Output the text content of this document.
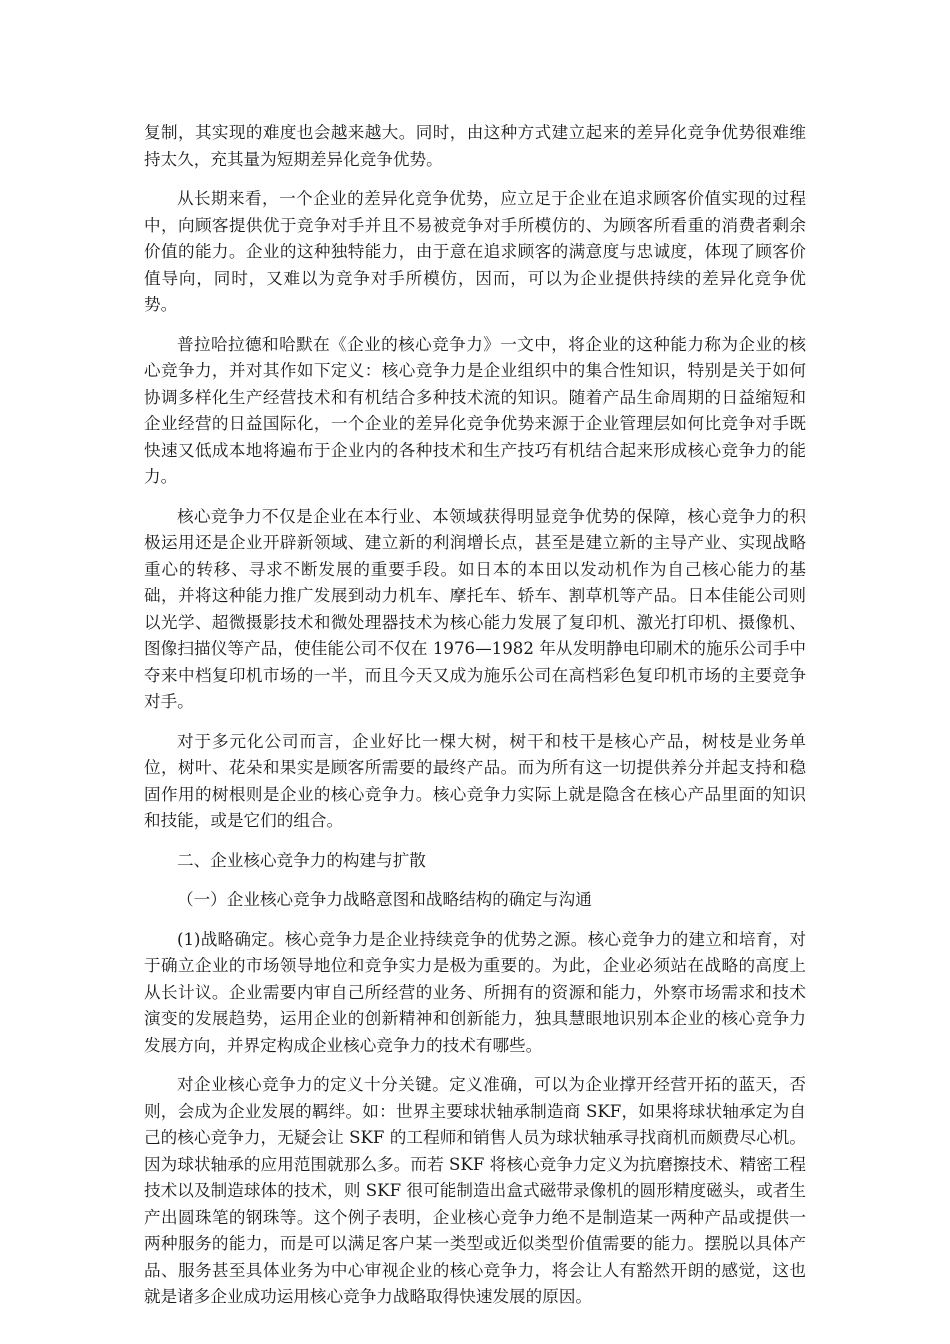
复制，其实现的难度也会越来越大。同时，由这种方式建立起来的差异化竞争优势很难维持太久，充其量为短期差异化竞争优势。

从长期来看，一个企业的差异化竞争优势，应立足于企业在追求顾客价值实现的过程中，向顾客提供优于竞争对手并且不易被竞争对手所模仿的、为顾客所看重的消费者剩余价值的能力。企业的这种独特能力，由于意在追求顾客的满意度与忠诚度，体现了顾客价值导向，同时，又难以为竞争对手所模仿，因而，可以为企业提供持续的差异化竞争优势。

普拉哈拉德和哈默在《企业的核心竞争力》一文中，将企业的这种能力称为企业的核心竞争力，并对其作如下定义：核心竞争力是企业组织中的集合性知识，特别是关于如何协调多样化生产经营技术和有机结合多种技术流的知识。随着产品生命周期的日益缩短和企业经营的日益国际化，一个企业的差异化竞争优势来源于企业管理层如何比竞争对手既快速又低成本地将遍布于企业内的各种技术和生产技巧有机结合起来形成核心竞争力的能力。

核心竞争力不仅是企业在本行业、本领域获得明显竞争优势的保障，核心竞争力的积极运用还是企业开辟新领域、建立新的利润增长点，甚至是建立新的主导产业、实现战略重心的转移、寻求不断发展的重要手段。如日本的本田以发动机作为自己核心能力的基础，并将这种能力推广发展到动力机车、摩托车、轿车、割草机等产品。日本佳能公司则以光学、超微摄影技术和微处理器技术为核心能力发展了复印机、激光打印机、摄像机、图像扫描仪等产品，使佳能公司不仅在 1976—1982 年从发明静电印刷术的施乐公司手中夺来中档复印机市场的一半，而且今天又成为施乐公司在高档彩色复印机市场的主要竞争对手。

对于多元化公司而言，企业好比一棵大树，树干和枝干是核心产品，树枝是业务单位，树叶、花朵和果实是顾客所需要的最终产品。而为所有这一切提供养分并起支持和稳固作用的树根则是企业的核心竞争力。核心竞争力实际上就是隐含在核心产品里面的知识和技能，或是它们的组合。

二、企业核心竞争力的构建与扩散

（一）企业核心竞争力战略意图和战略结构的确定与沟通

(1)战略确定。核心竞争力是企业持续竞争的优势之源。核心竞争力的建立和培育，对于确立企业的市场领导地位和竞争实力是极为重要的。为此，企业必须站在战略的高度上从长计议。企业需要内审自己所经营的业务、所拥有的资源和能力，外察市场需求和技术演变的发展趋势，运用企业的创新精神和创新能力，独具慧眼地识别本企业的核心竞争力发展方向，并界定构成企业核心竞争力的技术有哪些。

对企业核心竞争力的定义十分关键。定义准确，可以为企业撑开经营开拓的蓝天，否则，会成为企业发展的羁绊。如：世界主要球状轴承制造商 SKF，如果将球状轴承定为自己的核心竞争力，无疑会让 SKF 的工程师和销售人员为球状轴承寻找商机而颇费尽心机。因为球状轴承的应用范围就那么多。而若 SKF 将核心竞争力定义为抗磨擦技术、精密工程技术以及制造球体的技术，则 SKF 很可能制造出盒式磁带录像机的圆形精度磁头，或者生产出圆珠笔的钢珠等。这个例子表明，企业核心竞争力绝不是制造某一两种产品或提供一两种服务的能力，而是可以满足客户某一类型或近似类型价值需要的能力。摆脱以具体产品、服务甚至具体业务为中心审视企业的核心竞争力，将会让人有豁然开朗的感觉，这也就是诸多企业成功运用核心竞争力战略取得快速发展的原因。
